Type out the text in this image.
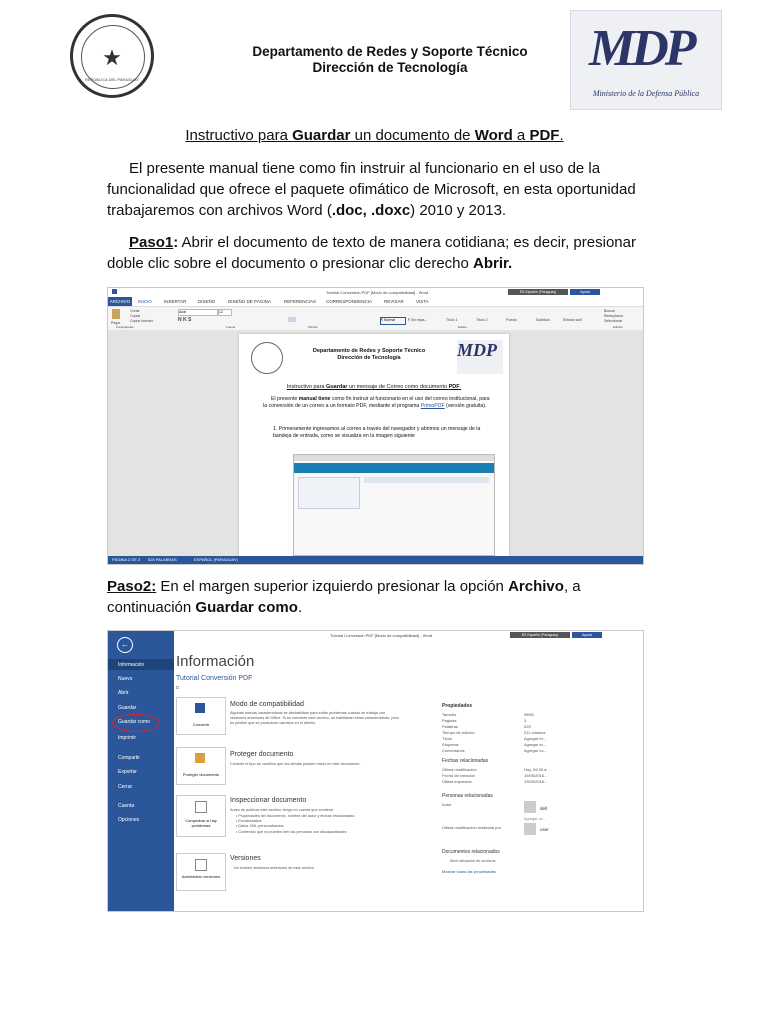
★
REPÚBLICA DEL PARAGUAY
Departamento de Redes y Soporte Técnico
Dirección de Tecnología	MDP
Ministerio de la Defensa Pública
Instructivo para Guardar un documento de Word a PDF.
El presente manual tiene como fin instruir al funcionario en el uso de la funcionalidad que ofrece el paquete ofimático de Microsoft, en esta oportunidad trabajaremos con archivos Word (.doc, .doxc) 2010 y 2013.
Paso1: Abrir el documento de texto de manera cotidiana; es decir, presionar doble clic sobre el documento o presionar clic derecho Abrir.
Tutorial Conversión PDF [Modo de compatibilidad] - Word	ES Español (Paraguay)	Ayuda
ARCHIVO	INICIO	INSERTAR	DISEÑO	DISEÑO DE PÁGINA	REFERENCIAS CORRESPONDENCIA	REVISAR	VISTA
Pegar
Cortar
Copiar
Copiar formato
Arial	12
N K S	¶ Normal	¶ Sin espa...	Título 1	Título 2	Puesto	Subtítulo	Énfasis sutil
Buscar
Reemplazar
Seleccionar
Portapapeles	Fuente	Párrafo	Estilos	Edición
Departamento de Redes y Soporte Técnico
Dirección de Tecnología	MDP
Instructivo para Guardar un mensaje de Correo como documento PDF.
El presente manual tiene como fin instruir al funcionario en el uso del correo institucional, para la conversión de un correo a un formato PDF, mediante el programa PrimoPDF (versión gratuita).
1. Primeramente ingresamos al correo a través del navegador y abrimos un mensaje de la bandeja de entrada, como se visualiza en la imagen siguiente
PÁGINA 2 DE 3 525 PALABRAS	ESPAÑOL (PARAGUAY)
Paso2: En el margen superior izquierdo presionar la opción Archivo, a continuación Guardar como.
←
Información
Nuevo
Abrir
Guardar
Guardar como
Imprimir
Compartir
Exportar
Cerrar
Cuenta
Opciones
Tutorial Conversión PDF [Modo de compatibilidad] - Word	ES Español (Paraguay)	Ayuda
Información
Tutorial Conversión PDF
D
Convertir
Modo de compatibilidad
Algunas nuevas características se deshabilitan para evitar problemas cuando se trabaja con versiones anteriores de Office. Si se convierte este archivo, se habilitarán estas características, pero es posible que se produzcan cambios en el diseño.
Proteger documento
Proteger documento
Controle el tipo de cambios que los demás pueden hacer en este documento.
Comprobar si hay problemas
Inspeccionar documento
Antes de publicar este archivo, tenga en cuenta que contiene:
• Propiedades del documento, nombre del autor y fechas relacionadas
• Encabezados
• Datos XML personalizados
• Contenido que no pueden leer las personas con discapacidades
Administrar versiones
Versiones
No existen versiones anteriores de este archivo.
Propiedades
Tamaño	98KB
Páginas	3
Palabras	525
Tiempo de edición	211 minutos
Título	Agregar tít...
Etiquetas	Agregar et...
Comentarios	Agregar co...
Fechas relacionadas
Última modificación	Hoy, 09:30 a...
Fecha de creación	19/05/2016...
Última impresión	19/05/2016...
Personas relacionadas
Autor
dell
Agregar un...
Última modificación realizada por	user
Documentos relacionados
Abrir ubicación de archivos
Mostrar todas las propiedades
